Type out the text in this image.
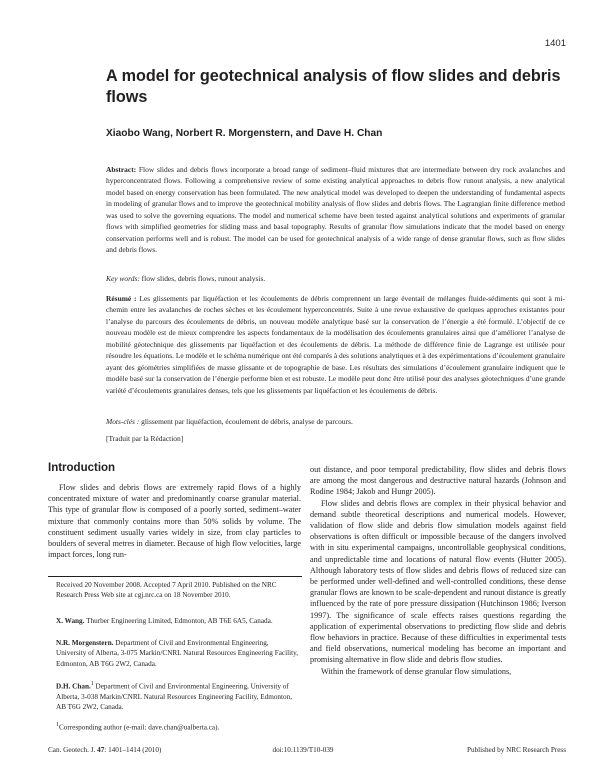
1401
A model for geotechnical analysis of flow slides and debris flows
Xiaobo Wang, Norbert R. Morgenstern, and Dave H. Chan

Abstract: Flow slides and debris flows incorporate a broad range of sediment–fluid mixtures that are intermediate between dry rock avalanches and hyperconcentrated flows. Following a comprehensive review of some existing analytical approaches to debris flow runout analysis, a new analytical model based on energy conservation has been formulated. The new analytical model was developed to deepen the understanding of fundamental aspects in modeling of granular flows and to improve the geotechnical mobility analysis of flow slides and debris flows. The Lagrangian finite difference method was used to solve the governing equations. The model and numerical scheme have been tested against analytical solutions and experiments of granular flows with simplified geometries for sliding mass and basal topography. Results of granular flow simulations indicate that the model based on energy conservation performs well and is robust. The model can be used for geotechnical analysis of a wide range of dense granular flows, such as flow slides and debris flows.

Key words: flow slides, debris flows, runout analysis.

Résumé : Les glissements par liquéfaction et les écoulements de débris comprennent un large éventail de mélanges fluide-sédiments qui sont à mi-chemin entre les avalanches de roches sèches et les écoulement hyperconcentrés. Suite à une revue exhaustive de quelques approches existantes pour l’analyse du parcours des écoulements de débris, un nouveau modèle analytique basé sur la conservation de l’énergie a été formulé. L’objectif de ce nouveau modèle est de mieux comprendre les aspects fondamentaux de la modélisation des écoulements granulaires ainsi que d’améliorer l’analyse de mobilité géotechnique des glissements par liquéfaction et des écoulements de débris. La méthode de différence finie de Lagrange est utilisée pour résoudre les équations. Le modèle et le schéma numérique ont été comparés à des solutions analytiques et à des expérimentations d’écoulement granulaire ayant des géométries simplifiées de masse glissante et de topographie de base. Les résultats des simulations d’écoulement granulaire indiquent que le modèle basé sur la conservation de l’énergie performe bien et est robuste. Le modèle peut donc être utilisé pour des analyses géotechniques d’une grande variété d’écoulements granulaires denses, tels que les glissements par liquéfaction et les écoulements de débris.

Mots-clés : glissement par liquéfaction, écoulement de débris, analyse de parcours.

[Traduit par la Rédaction]
Introduction

Flow slides and debris flows are extremely rapid flows of a highly concentrated mixture of water and predominantly coarse granular material. This type of granular flow is composed of a poorly sorted, sediment–water mixture that commonly contains more than 50% solids by volume. The constituent sediment usually varies widely in size, from clay particles to boulders of several metres in diameter. Because of high flow velocities, large impact forces, long run-

out distance, and poor temporal predictability, flow slides and debris flows are among the most dangerous and destructive natural hazards (Johnson and Rodine 1984; Jakob and Hungr 2005).

Flow slides and debris flows are complex in their physical behavior and demand subtle theoretical descriptions and numerical models. However, validation of flow slide and debris flow simulation models against field observations is often difficult or impossible because of the dangers involved with in situ experimental campaigns, uncontrollable geophysical conditions, and unpredictable time and locations of natural flow events (Hutter 2005). Although laboratory tests of flow slides and debris flows of reduced size can be performed under well-defined and well-controlled conditions, these dense granular flows are known to be scale-dependent and runout distance is greatly influenced by the rate of pore pressure dissipation (Hutchinson 1986; Iverson 1997). The significance of scale effects raises questions regarding the application of experimental observations to predicting flow slide and debris flow behaviors in practice. Because of these difficulties in experimental tests and field observations, numerical modeling has become an important and promising alternative in flow slide and debris flow studies.

Within the framework of dense granular flow simulations,

Received 20 November 2008. Accepted 7 April 2010. Published on the NRC Research Press Web site at cgj.nrc.ca on 18 November 2010.

X. Wang. Thurber Engineering Limited, Edmonton, AB T6E 6A5, Canada.

N.R. Morgenstern. Department of Civil and Environmental Engineering, University of Alberta, 3-075 Markin/CNRL Natural Resources Engineering Facility, Edmonton, AB T6G 2W2, Canada.

D.H. Chan.$^1$ Department of Civil and Environmental Engineering, University of Alberta, 3-038 Markin/CNRL Natural Resources Engineering Facility, Edmonton, AB T6G 2W2, Canada.

$^1$Corresponding author (e-mail: dave.chan@ualberta.ca).

Can. Geotech. J. 47: 1401–1414 (2010)	doi:10.1139/T10-039	Published by NRC Research Press
